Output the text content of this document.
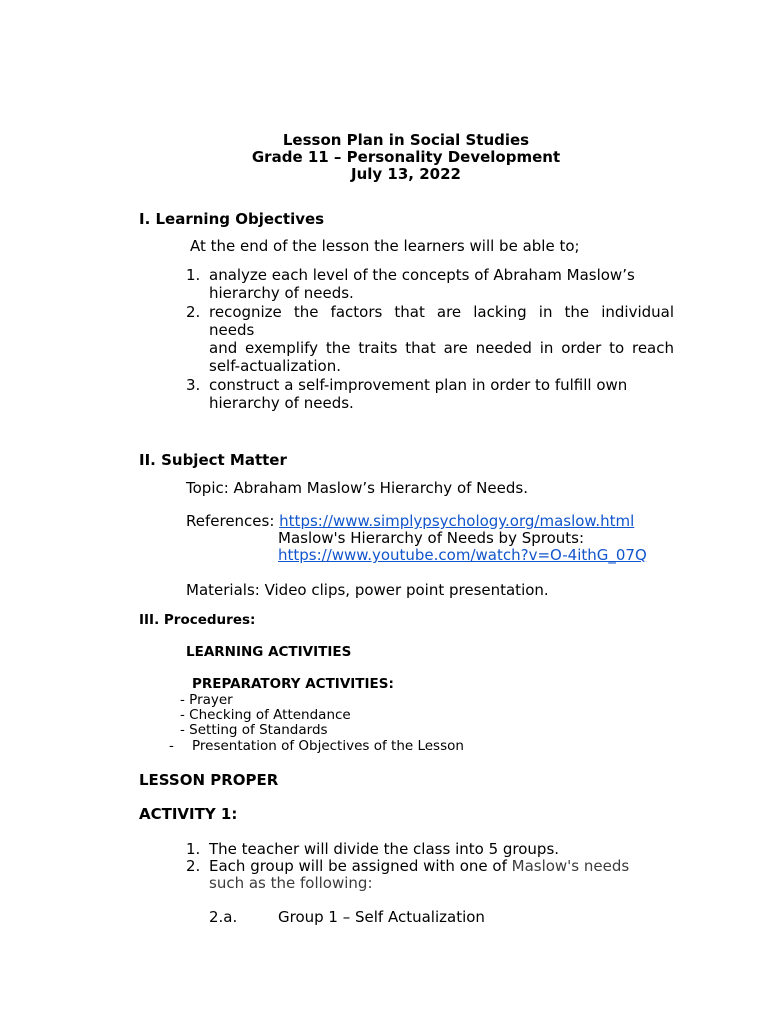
Lesson Plan in Social Studies
Grade 11 – Personality Development
July 13, 2022
I. Learning Objectives
At the end of the lesson the learners will be able to;
1. analyze each level of the concepts of Abraham Maslow’s
hierarchy of needs.
2. recognize the factors that are lacking in the individual
needs
and exemplify the traits that are needed in order to reach
self-actualization.
3. construct a self-improvement plan in order to fulfill own
hierarchy of needs.
II. Subject Matter
Topic: Abraham Maslow’s Hierarchy of Needs.
References: https://www.simplypsychology.org/maslow.html
Maslow's Hierarchy of Needs by Sprouts:
https://www.youtube.com/watch?v=O-4ithG_07Q
Materials: Video clips, power point presentation.
III. Procedures:
LEARNING ACTIVITIES
PREPARATORY ACTIVITIES:
- Prayer
- Checking of Attendance
- Setting of Standards
- Presentation of Objectives of the Lesson
LESSON PROPER
ACTIVITY 1:
1. The teacher will divide the class into 5 groups.
2. Each group will be assigned with one of Maslow's needs
such as the following:
2.a.	Group 1 – Self Actualization
